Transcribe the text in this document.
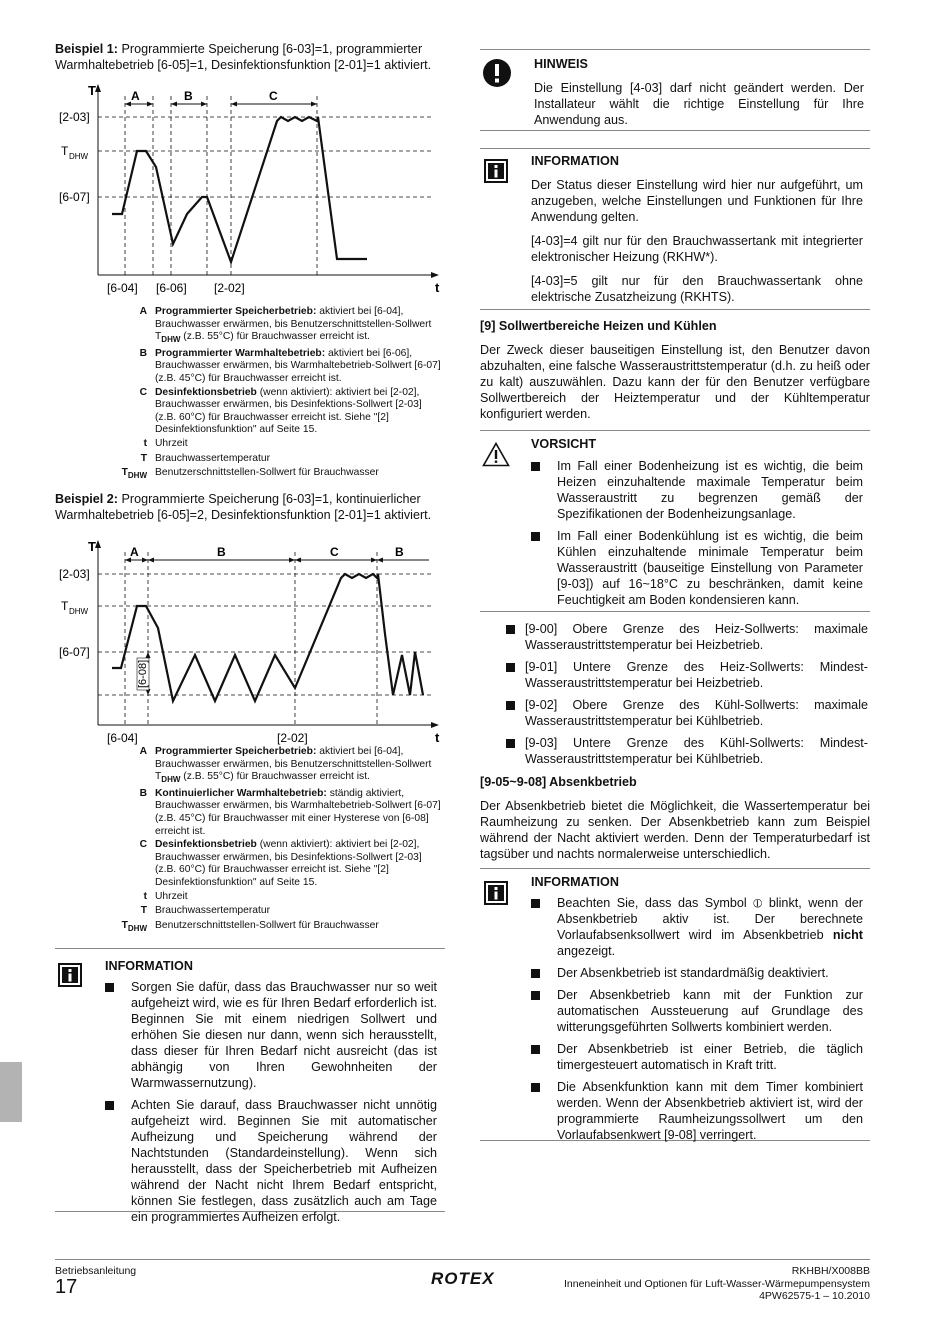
Beispiel 1: Programmierte Speicherung [6-03]=1, programmierter Warmhaltebetrieb [6-05]=1, Desinfektionsfunktion [2-01]=1 aktiviert.

T
t
[2-03]
T DHW
[6-07]
A	B	C
[6-04] [6-06] [2-02]
A Programmierter Speicherbetrieb: aktiviert bei [6-04], Brauchwasser erwärmen, bis Benutzerschnittstellen-Sollwert $T_{DHW}$ (z.B. 55°C) für Brauchwasser erreicht ist.
B Programmierter Warmhaltebetrieb: aktiviert bei [6-06], Brauchwasser erwärmen, bis Warmhaltebetrieb-Sollwert [6-07] (z.B. 45°C) für Brauchwasser erreicht ist.
C Desinfektionsbetrieb (wenn aktiviert): aktiviert bei [2-02], Brauchwasser erwärmen, bis Desinfektions-Sollwert [2-03] (z.B. 60°C) für Brauchwasser erreicht ist. Siehe "[2] Desinfektionsfunktion" auf Seite 15.
t Uhrzeit
T Brauchwassertemperatur
$T_{DHW}$ Benutzerschnittstellen-Sollwert für Brauchwasser

Beispiel 2: Programmierte Speicherung [6-03]=1, kontinuierlicher Warmhaltebetrieb [6-05]=2, Desinfektionsfunktion [2-01]=1 aktiviert.

[6-08]
T
t
[2-03]
T DHW
[6-07]
A	B	C	B
[6-04]	[2-02]
A Programmierter Speicherbetrieb: aktiviert bei [6-04], Brauchwasser erwärmen, bis Benutzerschnittstellen-Sollwert $T_{DHW}$ (z.B. 55°C) für Brauchwasser erreicht ist.
B Kontinuierlicher Warmhaltebetrieb: ständig aktiviert, Brauchwasser erwärmen, bis Warmhaltebetrieb-Sollwert [6-07] (z.B. 45°C) für Brauchwasser mit einer Hysterese von [6-08] erreicht ist.
C Desinfektionsbetrieb (wenn aktiviert): aktiviert bei [2-02], Brauchwasser erwärmen, bis Desinfektions-Sollwert [2-03] (z.B. 60°C) für Brauchwasser erreicht ist. Siehe "[2] Desinfektionsfunktion" auf Seite 15.
t Uhrzeit
T Brauchwassertemperatur
$T_{DHW}$ Benutzerschnittstellen-Sollwert für Brauchwasser
INFORMATION
Sorgen Sie dafür, dass das Brauchwasser nur so weit aufgeheizt wird, wie es für Ihren Bedarf erforderlich ist. Beginnen Sie mit einem niedrigen Sollwert und erhöhen Sie diesen nur dann, wenn sich herausstellt, dass dieser für Ihren Bedarf nicht ausreicht (das ist abhängig von Ihren Gewohnheiten der Warmwassernutzung).
Achten Sie darauf, dass Brauchwasser nicht unnötig aufgeheizt wird. Beginnen Sie mit automatischer Aufheizung und Speicherung während der Nachtstunden (Standardeinstellung). Wenn sich herausstellt, dass der Speicherbetrieb mit Aufheizen während der Nacht nicht Ihrem Bedarf entspricht, können Sie festlegen, dass zusätzlich auch am Tage ein programmiertes Aufheizen erfolgt.
HINWEIS

Die Einstellung [4-03] darf nicht geändert werden. Der Installateur wählt die richtige Einstellung für Ihre Anwendung aus.

INFORMATION

Der Status dieser Einstellung wird hier nur aufgeführt, um anzugeben, welche Einstellungen und Funktionen für Ihre Anwendung gelten.

[4-03]=4 gilt nur für den Brauchwassertank mit integrierter elektronischer Heizung (RKHW*).

[4-03]=5 gilt nur für den Brauchwassertank ohne elektrische Zusatzheizung (RKHTS).

[9] Sollwertbereiche Heizen und Kühlen

Der Zweck dieser bauseitigen Einstellung ist, den Benutzer davon abzuhalten, eine falsche Wasseraustrittstemperatur (d.h. zu heiß oder zu kalt) auszuwählen. Dazu kann der für den Benutzer verfügbare Sollwertbereich der Heiztemperatur und der Kühltemperatur konfiguriert werden.

VORSICHT
Im Fall einer Bodenheizung ist es wichtig, die beim Heizen einzuhaltende maximale Temperatur beim Wasseraustritt zu begrenzen gemäß der Spezifikationen der Bodenheizungsanlage.
Im Fall einer Bodenkühlung ist es wichtig, die beim Kühlen einzuhaltende minimale Temperatur beim Wasseraustritt (bauseitige Einstellung von Parameter [9-03]) auf 16~18°C zu beschränken, damit keine Feuchtigkeit am Boden kondensieren kann.
[9-00] Obere Grenze des Heiz-Sollwerts: maximale Wasseraustrittstemperatur bei Heizbetrieb.
[9-01] Untere Grenze des Heiz-Sollwerts: Mindest-Wasseraustrittstemperatur bei Heizbetrieb.
[9-02] Obere Grenze des Kühl-Sollwerts: maximale Wasseraustrittstemperatur bei Kühlbetrieb.
[9-03] Untere Grenze des Kühl-Sollwerts: Mindest-Wasseraustrittstemperatur bei Kühlbetrieb.
[9-05~9-08] Absenkbetrieb

Der Absenkbetrieb bietet die Möglichkeit, die Wassertemperatur bei Raumheizung zu senken. Der Absenkbetrieb kann zum Beispiel während der Nacht aktiviert werden. Denn der Temperaturbedarf ist tagsüber und nachts normalerweise unterschiedlich.

INFORMATION
Beachten Sie, dass das Symbol ⦶ blinkt, wenn der Absenkbetrieb aktiv ist. Der berechnete Vorlaufabsenksollwert wird im Absenkbetrieb nicht angezeigt.
Der Absenkbetrieb ist standardmäßig deaktiviert.
Der Absenkbetrieb kann mit der Funktion zur automatischen Aussteuerung auf Grundlage des witterungsgeführten Sollwerts kombiniert werden.
Der Absenkbetrieb ist einer Betrieb, die täglich timergesteuert automatisch in Kraft tritt.
Die Absenkfunktion kann mit dem Timer kombiniert werden. Wenn der Absenkbetrieb aktiviert ist, wird der programmierte Raumheizungssollwert um den Vorlaufabsenkwert [9-08] verringert.
Betriebsanleitung
17	ROTEX	RKHBH/X008BB
Inneneinheit und Optionen für Luft-Wasser-Wärmepumpensystem
4PW62575-1 – 10.2010
